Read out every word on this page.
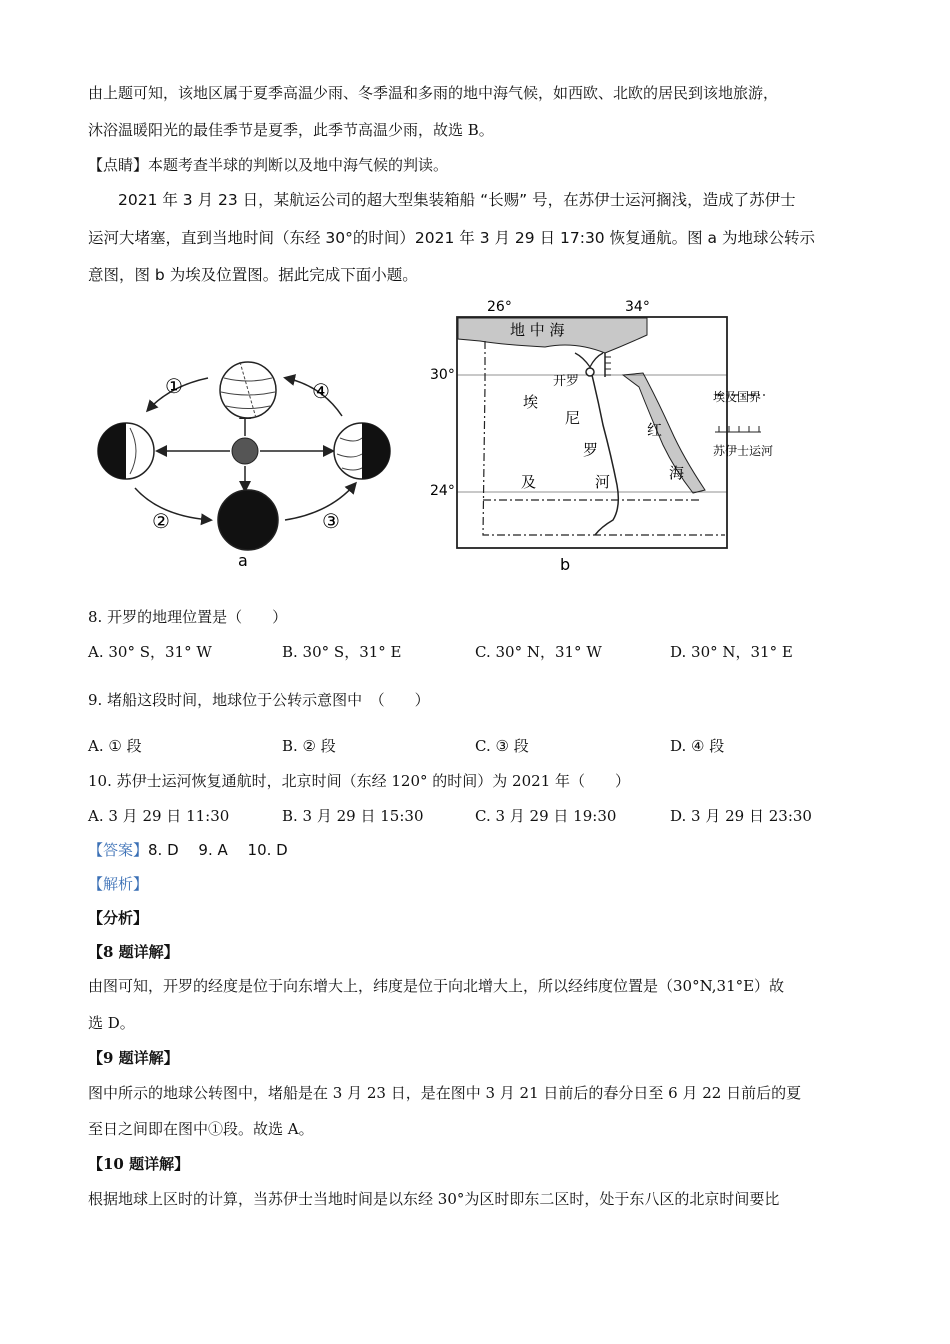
由上题可知，该地区属于夏季高温少雨、冬季温和多雨的地中海气候，如西欧、北欧的居民到该地旅游，
沐浴温暖阳光的最佳季节是夏季，此季节高温少雨，故选 B。
【点睛】本题考查半球的判断以及地中海气候的判读。
2021 年 3 月 23 日，某航运公司的超大型集装箱船 “长赐” 号，在苏伊士运河搁浅，造成了苏伊士
运河大堵塞，直到当地时间（东经 30°的时间）2021 年 3 月 29 日 17:30 恢复通航。图 a 为地球公转示
意图，图 b 为埃及位置图。据此完成下面小题。
①
②	③
④
a
26°	34°
30°
24°
地 中 海
开罗
埃
及
尼
罗
河
红
海
埃及国界
苏伊士运河
b
8. 开罗的地理位置是（　　）
A. 30° S，31° W	B. 30° S，31° E	C. 30° N，31° W	D. 30° N，31° E
9. 堵船这段时间，地球位于公转示意图中　（　　）
A. ① 段	B. ② 段	C. ③ 段	D. ④ 段
10. 苏伊士运河恢复通航时，北京时间（东经 120° 的时间）为 2021 年（　　）
A. 3 月 29 日 11:30	B. 3 月 29 日 15:30	C. 3 月 29 日 19:30	D. 3 月 29 日 23:30
【答案】8. D　 9. A　 10. D
【解析】
【分析】
【8 题详解】
由图可知，开罗的经度是位于向东增大上，纬度是位于向北增大上，所以经纬度位置是（30°N,31°E）故
选 D。
【9 题详解】
图中所示的地球公转图中，堵船是在 3 月 23 日，是在图中 3 月 21 日前后的春分日至 6 月 22 日前后的夏
至日之间即在图中①段。故选 A。
【10 题详解】
根据地球上区时的计算，当苏伊士当地时间是以东经 30°为区时即东二区时，处于东八区的北京时间要比
